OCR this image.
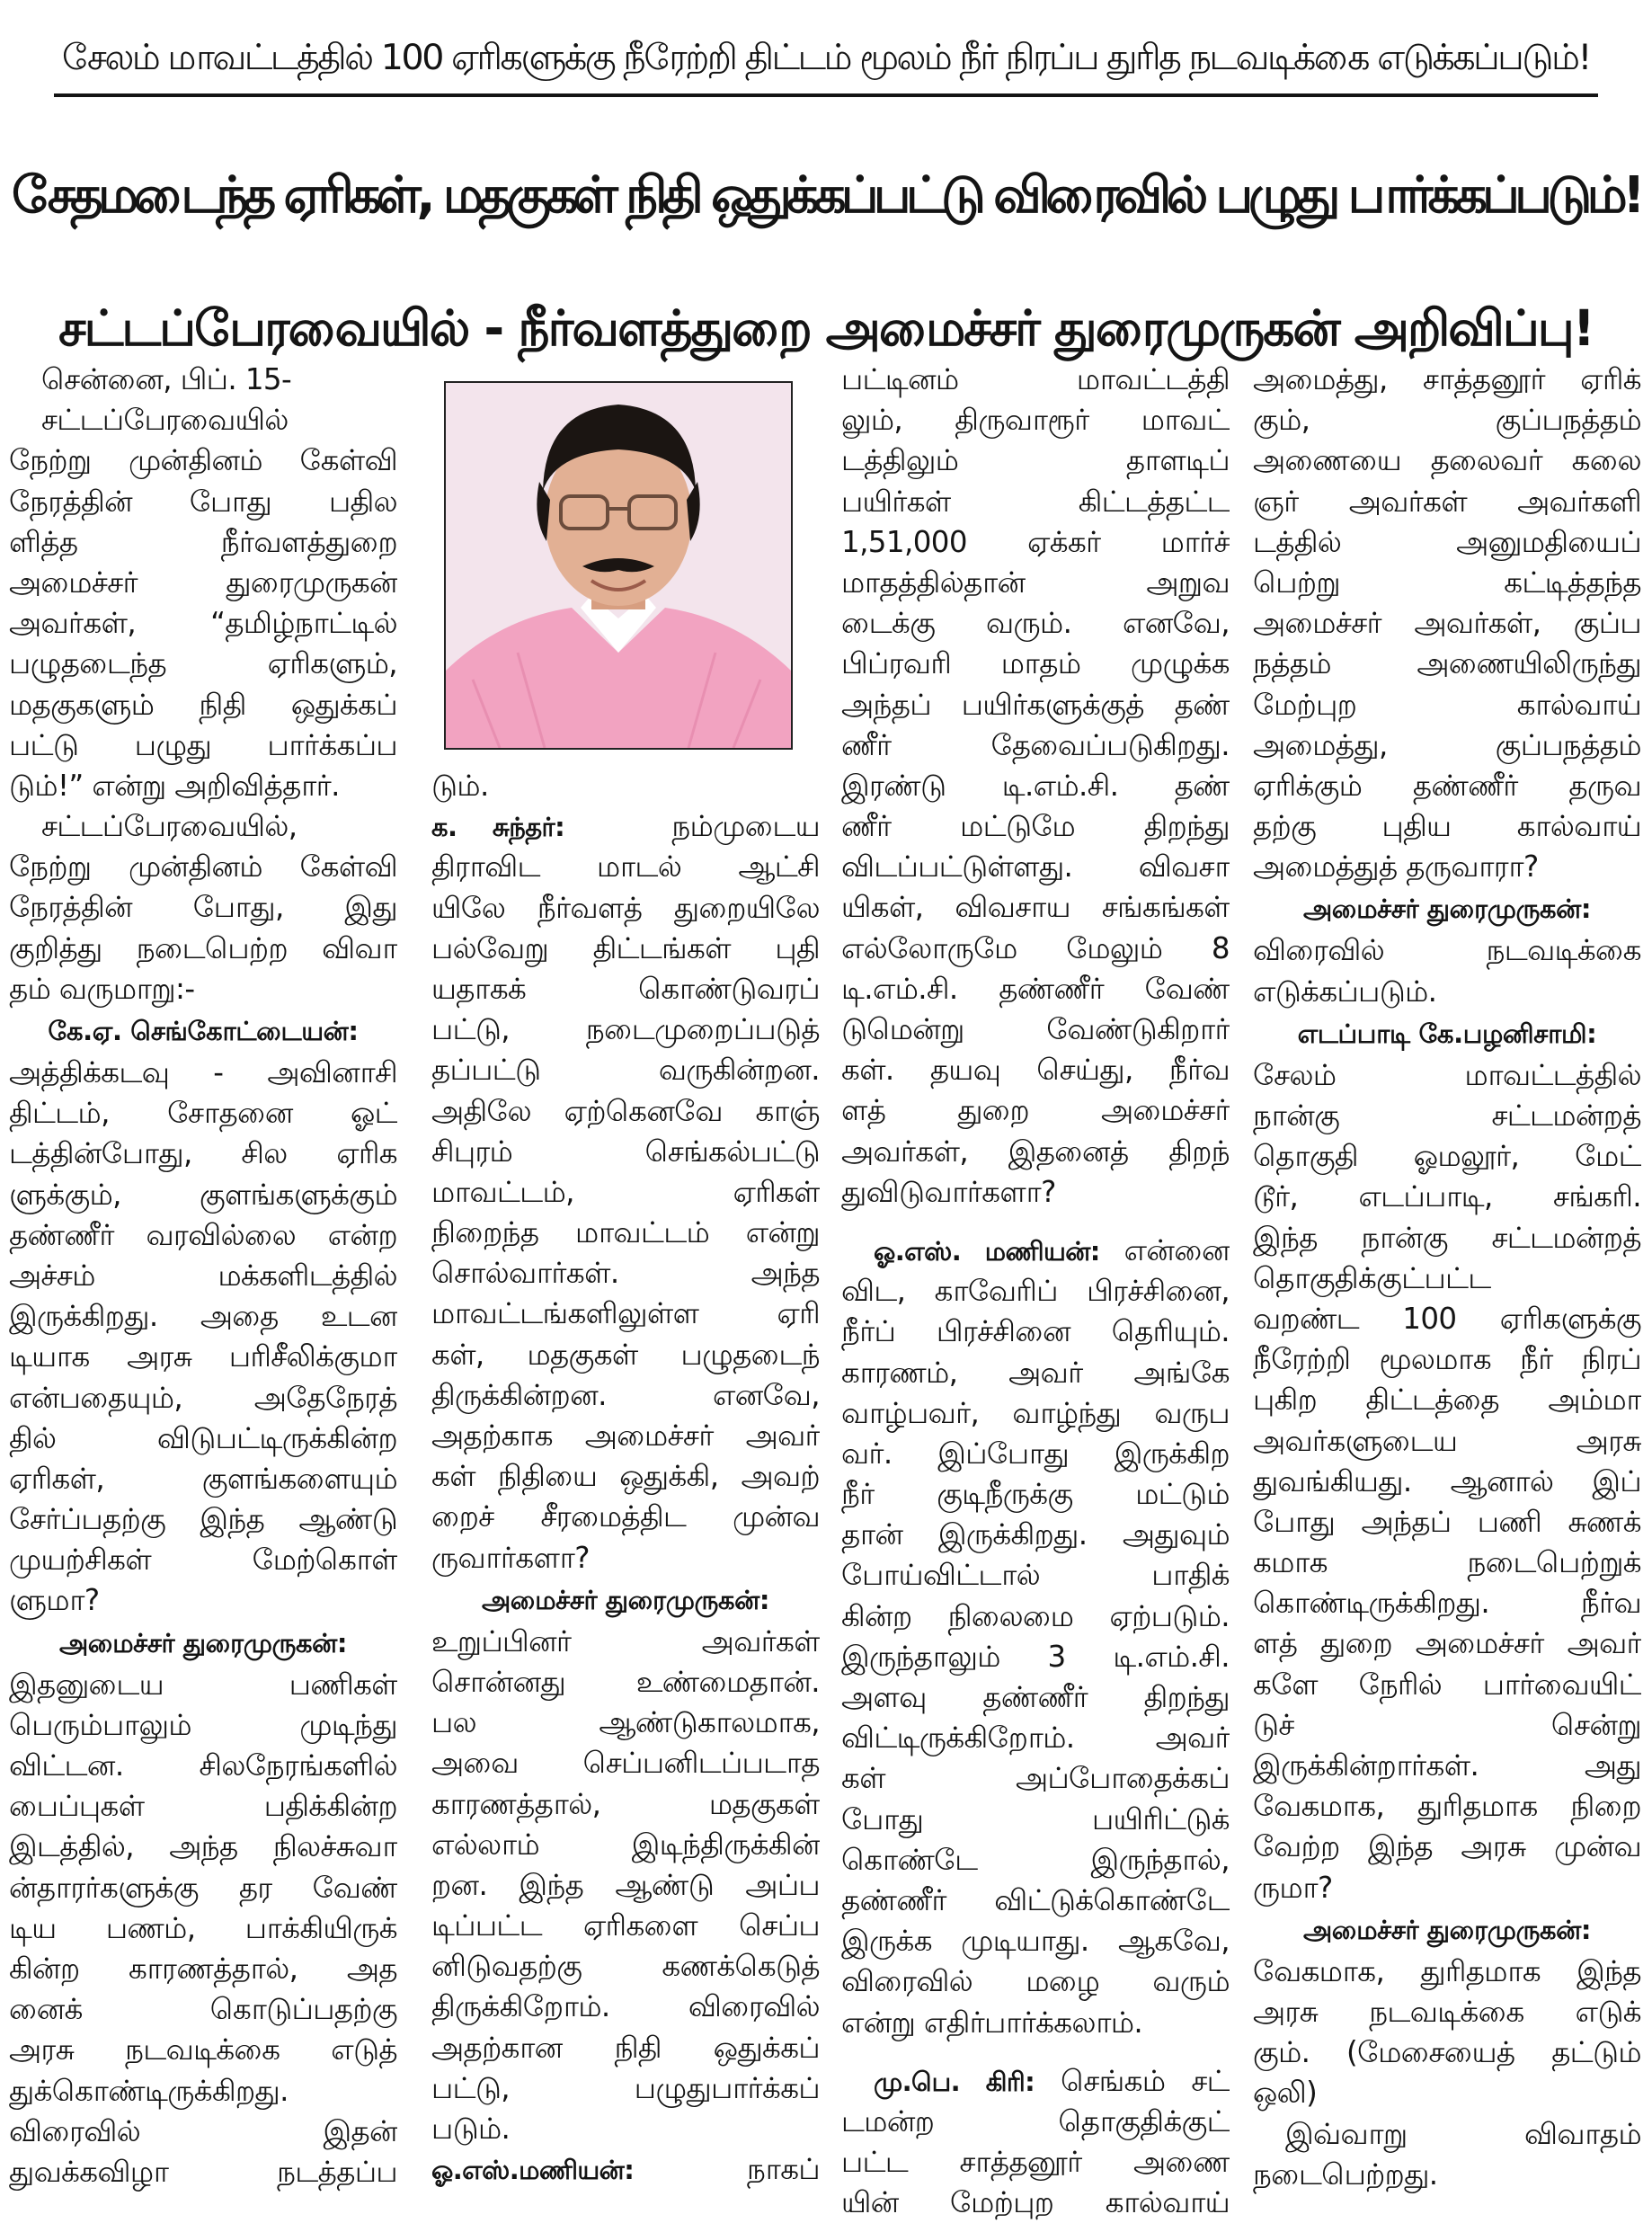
சேலம் மாவட்டத்தில் 100 ஏரிகளுக்கு நீரேற்றி திட்டம் மூலம் நீர் நிரப்ப துரித நடவடிக்கை எடுக்கப்படும்!
சேதமடைந்த ஏரிகள், மதகுகள் நிதி ஒதுக்கப்பட்டு விரைவில் பழுது பார்க்கப்படும்!
சட்டப்பேரவையில் - நீர்வளத்துறை அமைச்சர் துரைமுருகன் அறிவிப்பு!
சென்னை, பிப். 15-
சட்டப்பேரவையில்
நேற்று முன்தினம் கேள்வி
நேரத்தின் போது பதில
ளித்த நீர்வளத்துறை
அமைச்சர் துரைமுருகன்
அவர்கள், “தமிழ்நாட்டில்
பழுதடைந்த ஏரிகளும்,
மதகுகளும் நிதி ஒதுக்கப்
பட்டு பழுது பார்க்கப்ப
டும்!” என்று அறிவித்தார்.
சட்டப்பேரவையில்,
நேற்று முன்தினம் கேள்வி
நேரத்தின் போது, இது
குறித்து நடைபெற்ற விவா
தம் வருமாறு:-
கே.ஏ. செங்கோட்டையன்:
அத்திக்கடவு - அவினாசி
திட்டம், சோதனை ஓட்
டத்தின்போது, சில ஏரிக
ளுக்கும், குளங்களுக்கும்
தண்ணீர் வரவில்லை என்ற
அச்சம் மக்களிடத்தில்
இருக்கிறது. அதை உடன
டியாக அரசு பரிசீலிக்குமா
என்பதையும், அதேநேரத்
தில் விடுபட்டிருக்கின்ற
ஏரிகள், குளங்களையும்
சேர்ப்பதற்கு இந்த ஆண்டு
முயற்சிகள் மேற்கொள்
ளுமா?
அமைச்சர் துரைமுருகன்:
இதனுடைய பணிகள்
பெரும்பாலும் முடிந்து
விட்டன. சிலநேரங்களில்
பைப்புகள் பதிக்கின்ற
இடத்தில், அந்த நிலச்சுவா
ன்தாரர்களுக்கு தர வேண்
டிய பணம், பாக்கியிருக்
கின்ற காரணத்தால், அத
னைக் கொடுப்பதற்கு
அரசு நடவடிக்கை எடுத்
துக்கொண்டிருக்கிறது.
விரைவில் இதன்
துவக்கவிழா நடத்தப்ப
டும்.
க. சுந்தர்:	நம்முடைய
திராவிட மாடல் ஆட்சி
யிலே நீர்வளத் துறையிலே
பல்வேறு திட்டங்கள் புதி
யதாகக் கொண்டுவரப்
பட்டு, நடைமுறைப்படுத்
தப்பட்டு வருகின்றன.
அதிலே ஏற்கெனவே காஞ்
சிபுரம் செங்கல்பட்டு
மாவட்டம், ஏரிகள்
நிறைந்த மாவட்டம் என்று
சொல்வார்கள். அந்த
மாவட்டங்களிலுள்ள ஏரி
கள், மதகுகள் பழுதடைந்
திருக்கின்றன. எனவே,
அதற்காக அமைச்சர் அவர்
கள் நிதியை ஒதுக்கி, அவற்
றைச் சீரமைத்திட முன்வ
ருவார்களா?
அமைச்சர் துரைமுருகன்:
உறுப்பினர் அவர்கள்
சொன்னது உண்மைதான்.
பல ஆண்டுகாலமாக,
அவை செப்பனிடப்படாத
காரணத்தால், மதகுகள்
எல்லாம் இடிந்திருக்கின்
றன. இந்த ஆண்டு அப்ப
டிப்பட்ட ஏரிகளை செப்ப
னிடுவதற்கு கணக்கெடுத்
திருக்கிறோம். விரைவில்
அதற்கான நிதி ஒதுக்கப்
பட்டு, பழுதுபார்க்கப்
படும்.
ஓ.எஸ்.மணியன்:	நாகப்
பட்டினம் மாவட்டத்தி
லும், திருவாரூர் மாவட்
டத்திலும் தாளடிப்
பயிர்கள் கிட்டத்தட்ட
1,51,000 ஏக்கர் மார்ச்
மாதத்தில்தான் அறுவ
டைக்கு வரும். எனவே,
பிப்ரவரி மாதம் முழுக்க
அந்தப் பயிர்களுக்குத் தண்
ணீர் தேவைப்படுகிறது.
இரண்டு டி.எம்.சி. தண்
ணீர் மட்டுமே திறந்து
விடப்பட்டுள்ளது. விவசா
யிகள், விவசாய சங்கங்கள்
எல்லோருமே மேலும் 8
டி.எம்.சி. தண்ணீர் வேண்
டுமென்று வேண்டுகிறார்
கள். தயவு செய்து, நீர்வ
ளத் துறை அமைச்சர்
அவர்கள், இதனைத் திறந்
துவிடுவார்களா?
ஓ.எஸ். மணியன்: என்னை
விட, காவேரிப் பிரச்சினை,
நீர்ப் பிரச்சினை தெரியும்.
காரணம், அவர் அங்கே
வாழ்பவர், வாழ்ந்து வருப
வர். இப்போது இருக்கிற
நீர் குடிநீருக்கு மட்டும்
தான் இருக்கிறது. அதுவும்
போய்விட்டால் பாதிக்
கின்ற நிலைமை ஏற்படும்.
இருந்தாலும் 3 டி.எம்.சி.
அளவு தண்ணீர் திறந்து
விட்டிருக்கிறோம். அவர்
கள் அப்போதைக்கப்
போது பயிரிட்டுக்
கொண்டே இருந்தால்,
தண்ணீர் விட்டுக்கொண்டே
இருக்க முடியாது. ஆகவே,
விரைவில் மழை வரும்
என்று எதிர்பார்க்கலாம்.
மு.பெ. கிரி: செங்கம் சட்
டமன்ற தொகுதிக்குட்
பட்ட சாத்தனூர் அணை
யின் மேற்புற கால்வாய்
அமைத்து, சாத்தனூர் ஏரிக்
கும், குப்பநத்தம்
அணையை தலைவர் கலை
ஞர் அவர்கள் அவர்களி
டத்தில் அனுமதியைப்
பெற்று கட்டித்தந்த
அமைச்சர் அவர்கள், குப்ப
நத்தம் அணையிலிருந்து
மேற்புற கால்வாய்
அமைத்து, குப்பநத்தம்
ஏரிக்கும் தண்ணீர் தருவ
தற்கு புதிய கால்வாய்
அமைத்துத் தருவாரா?
அமைச்சர் துரைமுருகன்:
விரைவில் நடவடிக்கை
எடுக்கப்படும்.
எடப்பாடி கே.பழனிசாமி:
சேலம் மாவட்டத்தில்
நான்கு சட்டமன்றத்
தொகுதி ஓமலூர், மேட்
டூர், எடப்பாடி, சங்கரி.
இந்த நான்கு சட்டமன்றத்
தொகுதிக்குட்பட்ட
வறண்ட 100 ஏரிகளுக்கு
நீரேற்றி மூலமாக நீர் நிரப்
புகிற திட்டத்தை அம்மா
அவர்களுடைய அரசு
துவங்கியது. ஆனால் இப்
போது அந்தப் பணி சுணக்
கமாக நடைபெற்றுக்
கொண்டிருக்கிறது. நீர்வ
ளத் துறை அமைச்சர் அவர்
களே நேரில் பார்வையிட்
டுச் சென்று
இருக்கின்றார்கள். அது
வேகமாக, துரிதமாக நிறை
வேற்ற இந்த அரசு முன்வ
ருமா?
அமைச்சர் துரைமுருகன்:
வேகமாக, துரிதமாக இந்த
அரசு நடவடிக்கை எடுக்
கும். (மேசையைத் தட்டும்
ஒலி)
இவ்வாறு விவாதம்
நடைபெற்றது.
